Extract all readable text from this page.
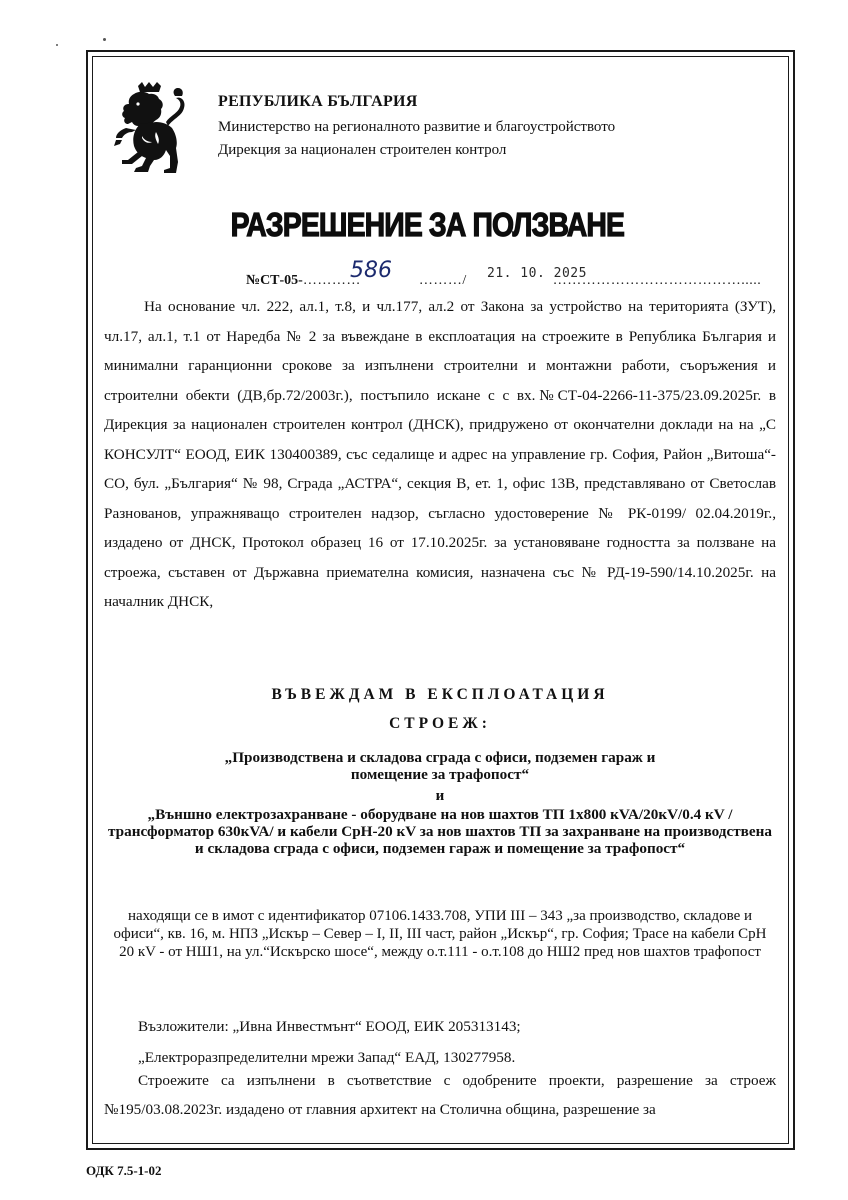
РЕПУБЛИКА БЪЛГАРИЯ
Министерство на регионалното развитие и благоустройството
Дирекция за национален строителен контрол
РАЗРЕШЕНИЕ ЗА ПОЛЗВАНЕ
№СТ-05-…………	………/	………………………………….....
586	21. 10. 2025
На основание чл. 222, ал.1, т.8, и чл.177, ал.2 от Закона за устройство на територията (ЗУТ), чл.17, ал.1, т.1 от Наредба № 2 за въвеждане в експлоатация на строежите в Република България и минимални гаранционни срокове за изпълнени строителни и монтажни работи, съоръжения и строителни обекти (ДВ,бр.72/2003г.), постъпило искане с с вх.№СТ-04-2266-11-375/23.09.2025г. в Дирекция за национален строителен контрол (ДНСК), придружено от окончателни доклади на на „С КОНСУЛТ“ ЕООД, ЕИК 130400389, със седалище и адрес на управление гр. София, Район „Витоша“- СО, бул. „България“ № 98, Сграда „АСТРА“, секция В, ет. 1, офис 13В, представлявано от Светослав Разнованов, упражняващо строителен надзор, съгласно удостоверение № РК-0199/ 02.04.2019г., издадено от ДНСК, Протокол образец 16 от 17.10.2025г. за установяване годността за ползване на строежа, съставен от Държавна приемателна комисия, назначена със № РД-19-590/14.10.2025г. на началник ДНСК,
ВЪВЕЖДАМ В ЕКСПЛОАТАЦИЯ
СТРОЕЖ:
„Производствена и складова сграда с офиси, подземен гараж и помещение за трафопост“
и
„Външно електрозахранване - оборудване на нов шахтов ТП 1х800 кVA/20кV/0.4 кV /трансформатор 630кVA/ и кабели СрН-20 кV за нов шахтов ТП за захранване на производствена и складова сграда с офиси, подземен гараж и помещение за трафопост“
находящи се в имот с идентификатор 07106.1433.708, УПИ III – 343 „за производство, складове и офиси“, кв. 16, м. НПЗ „Искър – Север – I, II, III част, район „Искър“, гр. София; Трасе на кабели СрН 20 кV - от НШ1, на ул.“Искърско шосе“, между о.т.111 - о.т.108 до НШ2 пред нов шахтов трафопост
Възложители: „Ивна Инвестмънт“ ЕООД, ЕИК 205313143;
„Електроразпределителни мрежи Запад“ ЕАД, 130277958.
Строежите са изпълнени в съответствие с одобрените проекти, разрешение за строеж №195/03.08.2023г. издадено от главния архитект на Столична община, разрешение за
ОДК 7.5-1-02
